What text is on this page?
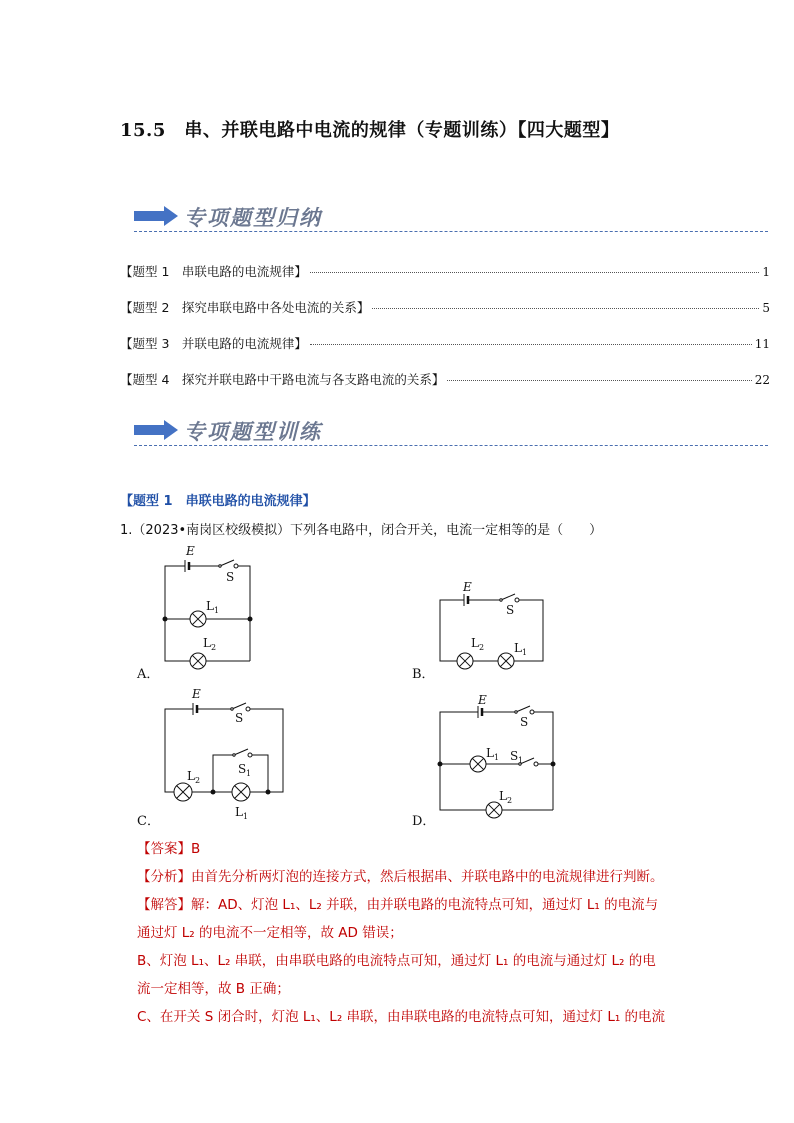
15.5　串、并联电路中电流的规律（专题训练）【四大题型】
专项题型归纳
【题型 1　串联电路的电流规律】	1
【题型 2　探究串联电路中各处电流的关系】	5
【题型 3　并联电路的电流规律】	11
【题型 4　探究并联电路中干路电流与各支路电流的关系】	22
专项题型训练
【题型 1　串联电路的电流规律】
1.（2023•南岗区校级模拟）下列各电路中，闭合开关，电流一定相等的是（　　）
E
S
L 1
L 2
E
S
L 2 L 1
E
S
S 1
L 2
L 1
E
S
L 1 S 1
L 2
A．	B．
C．	D．
【答案】B
【分析】由首先分析两灯泡的连接方式，然后根据串、并联电路中的电流规律进行判断。
【解答】解：AD、灯泡 L₁、L₂ 并联，由并联电路的电流特点可知，通过灯 L₁ 的电流与
通过灯 L₂ 的电流不一定相等，故 AD 错误；
B、灯泡 L₁、L₂ 串联，由串联电路的电流特点可知，通过灯 L₁ 的电流与通过灯 L₂ 的电
流一定相等，故 B 正确；
C、在开关 S 闭合时，灯泡 L₁、L₂ 串联，由串联电路的电流特点可知，通过灯 L₁ 的电流
